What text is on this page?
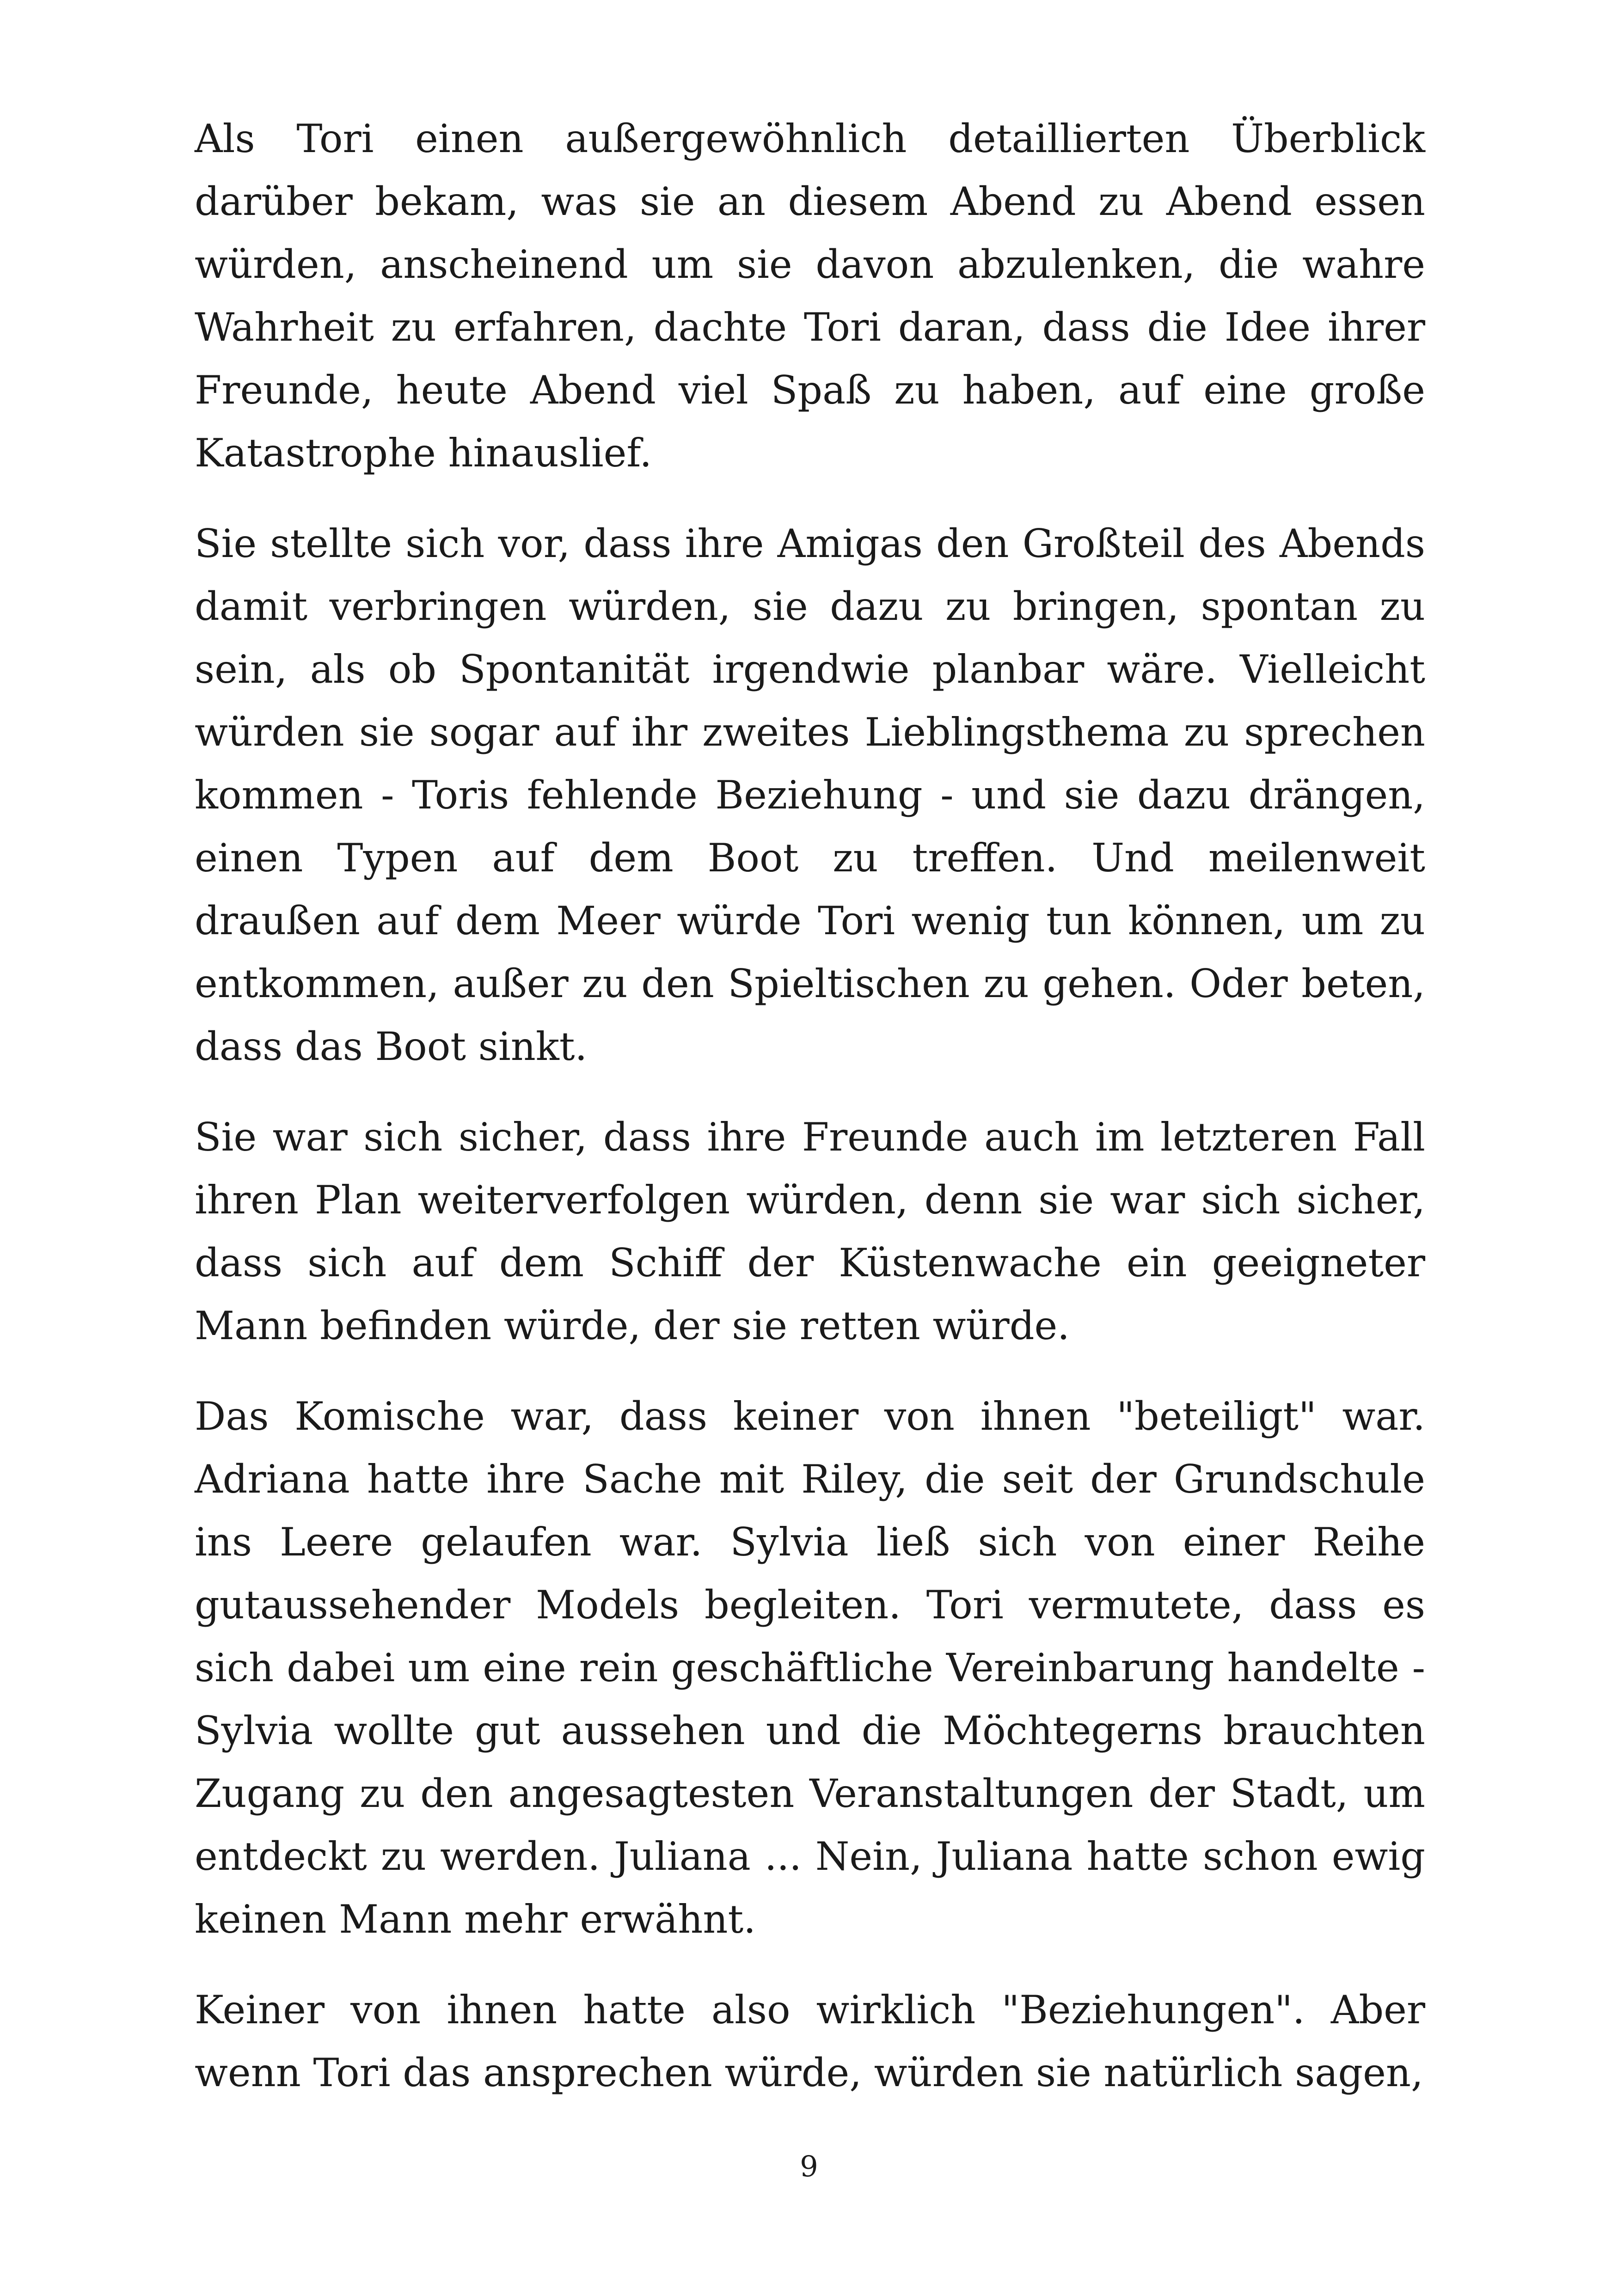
Als Tori einen außergewöhnlich detaillierten Überblick darüber bekam, was sie an diesem Abend zu Abend essen würden, anscheinend um sie davon abzulenken, die wahre Wahrheit zu erfahren, dachte Tori daran, dass die Idee ihrer Freunde, heute Abend viel Spaß zu haben, auf eine große Katastrophe hinauslief.

Sie stellte sich vor, dass ihre Amigas den Großteil des Abends damit verbringen würden, sie dazu zu bringen, spontan zu sein, als ob Spontanität irgendwie planbar wäre. Vielleicht würden sie sogar auf ihr zweites Lieblingsthema zu sprechen kommen - Toris fehlende Beziehung - und sie dazu drängen, einen Typen auf dem Boot zu treffen. Und meilenweit draußen auf dem Meer würde Tori wenig tun können, um zu entkommen, außer zu den Spieltischen zu gehen. Oder beten, dass das Boot sinkt.

Sie war sich sicher, dass ihre Freunde auch im letzteren Fall ihren Plan weiterverfolgen würden, denn sie war sich sicher, dass sich auf dem Schiff der Küstenwache ein geeigneter Mann befinden würde, der sie retten würde.

Das Komische war, dass keiner von ihnen "beteiligt" war. Adriana hatte ihre Sache mit Riley, die seit der Grundschule ins Leere gelaufen war. Sylvia ließ sich von einer Reihe gutaussehender Models begleiten. Tori vermutete, dass es sich dabei um eine rein geschäftliche Vereinbarung handelte - Sylvia wollte gut aussehen und die Möchtegerns brauchten Zugang zu den angesagtesten Veranstaltungen der Stadt, um entdeckt zu werden. Juliana ... Nein, Juliana hatte schon ewig keinen Mann mehr erwähnt.

Keiner von ihnen hatte also wirklich "Beziehungen". Aber wenn Tori das ansprechen würde, würden sie natürlich sagen,

9
